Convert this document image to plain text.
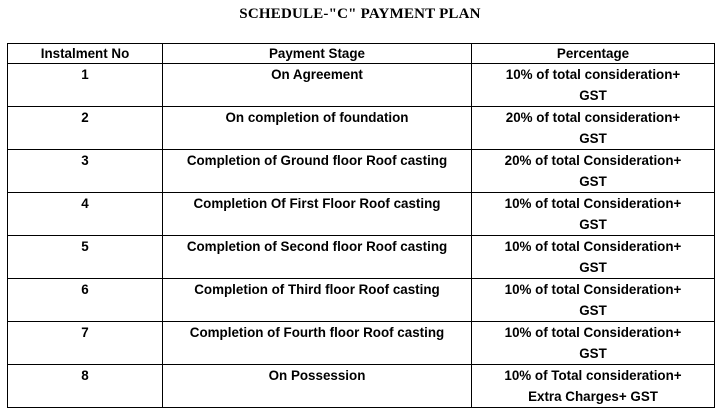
SCHEDULE-"C" PAYMENT PLAN
Instalment No	Payment Stage	Percentage
1	On Agreement	10% of total consideration+
GST
2	On completion of foundation	20% of total consideration+
GST
3	Completion of Ground floor Roof casting	20% of total Consideration+
GST
4	Completion Of First Floor Roof casting	10% of total Consideration+
GST
5	Completion of Second floor Roof casting	10% of total Consideration+
GST
6	Completion of Third floor Roof casting	10% of total Consideration+
GST
7	Completion of Fourth floor Roof casting	10% of total Consideration+
GST
8	On Possession	10% of Total consideration+
Extra Charges+ GST
